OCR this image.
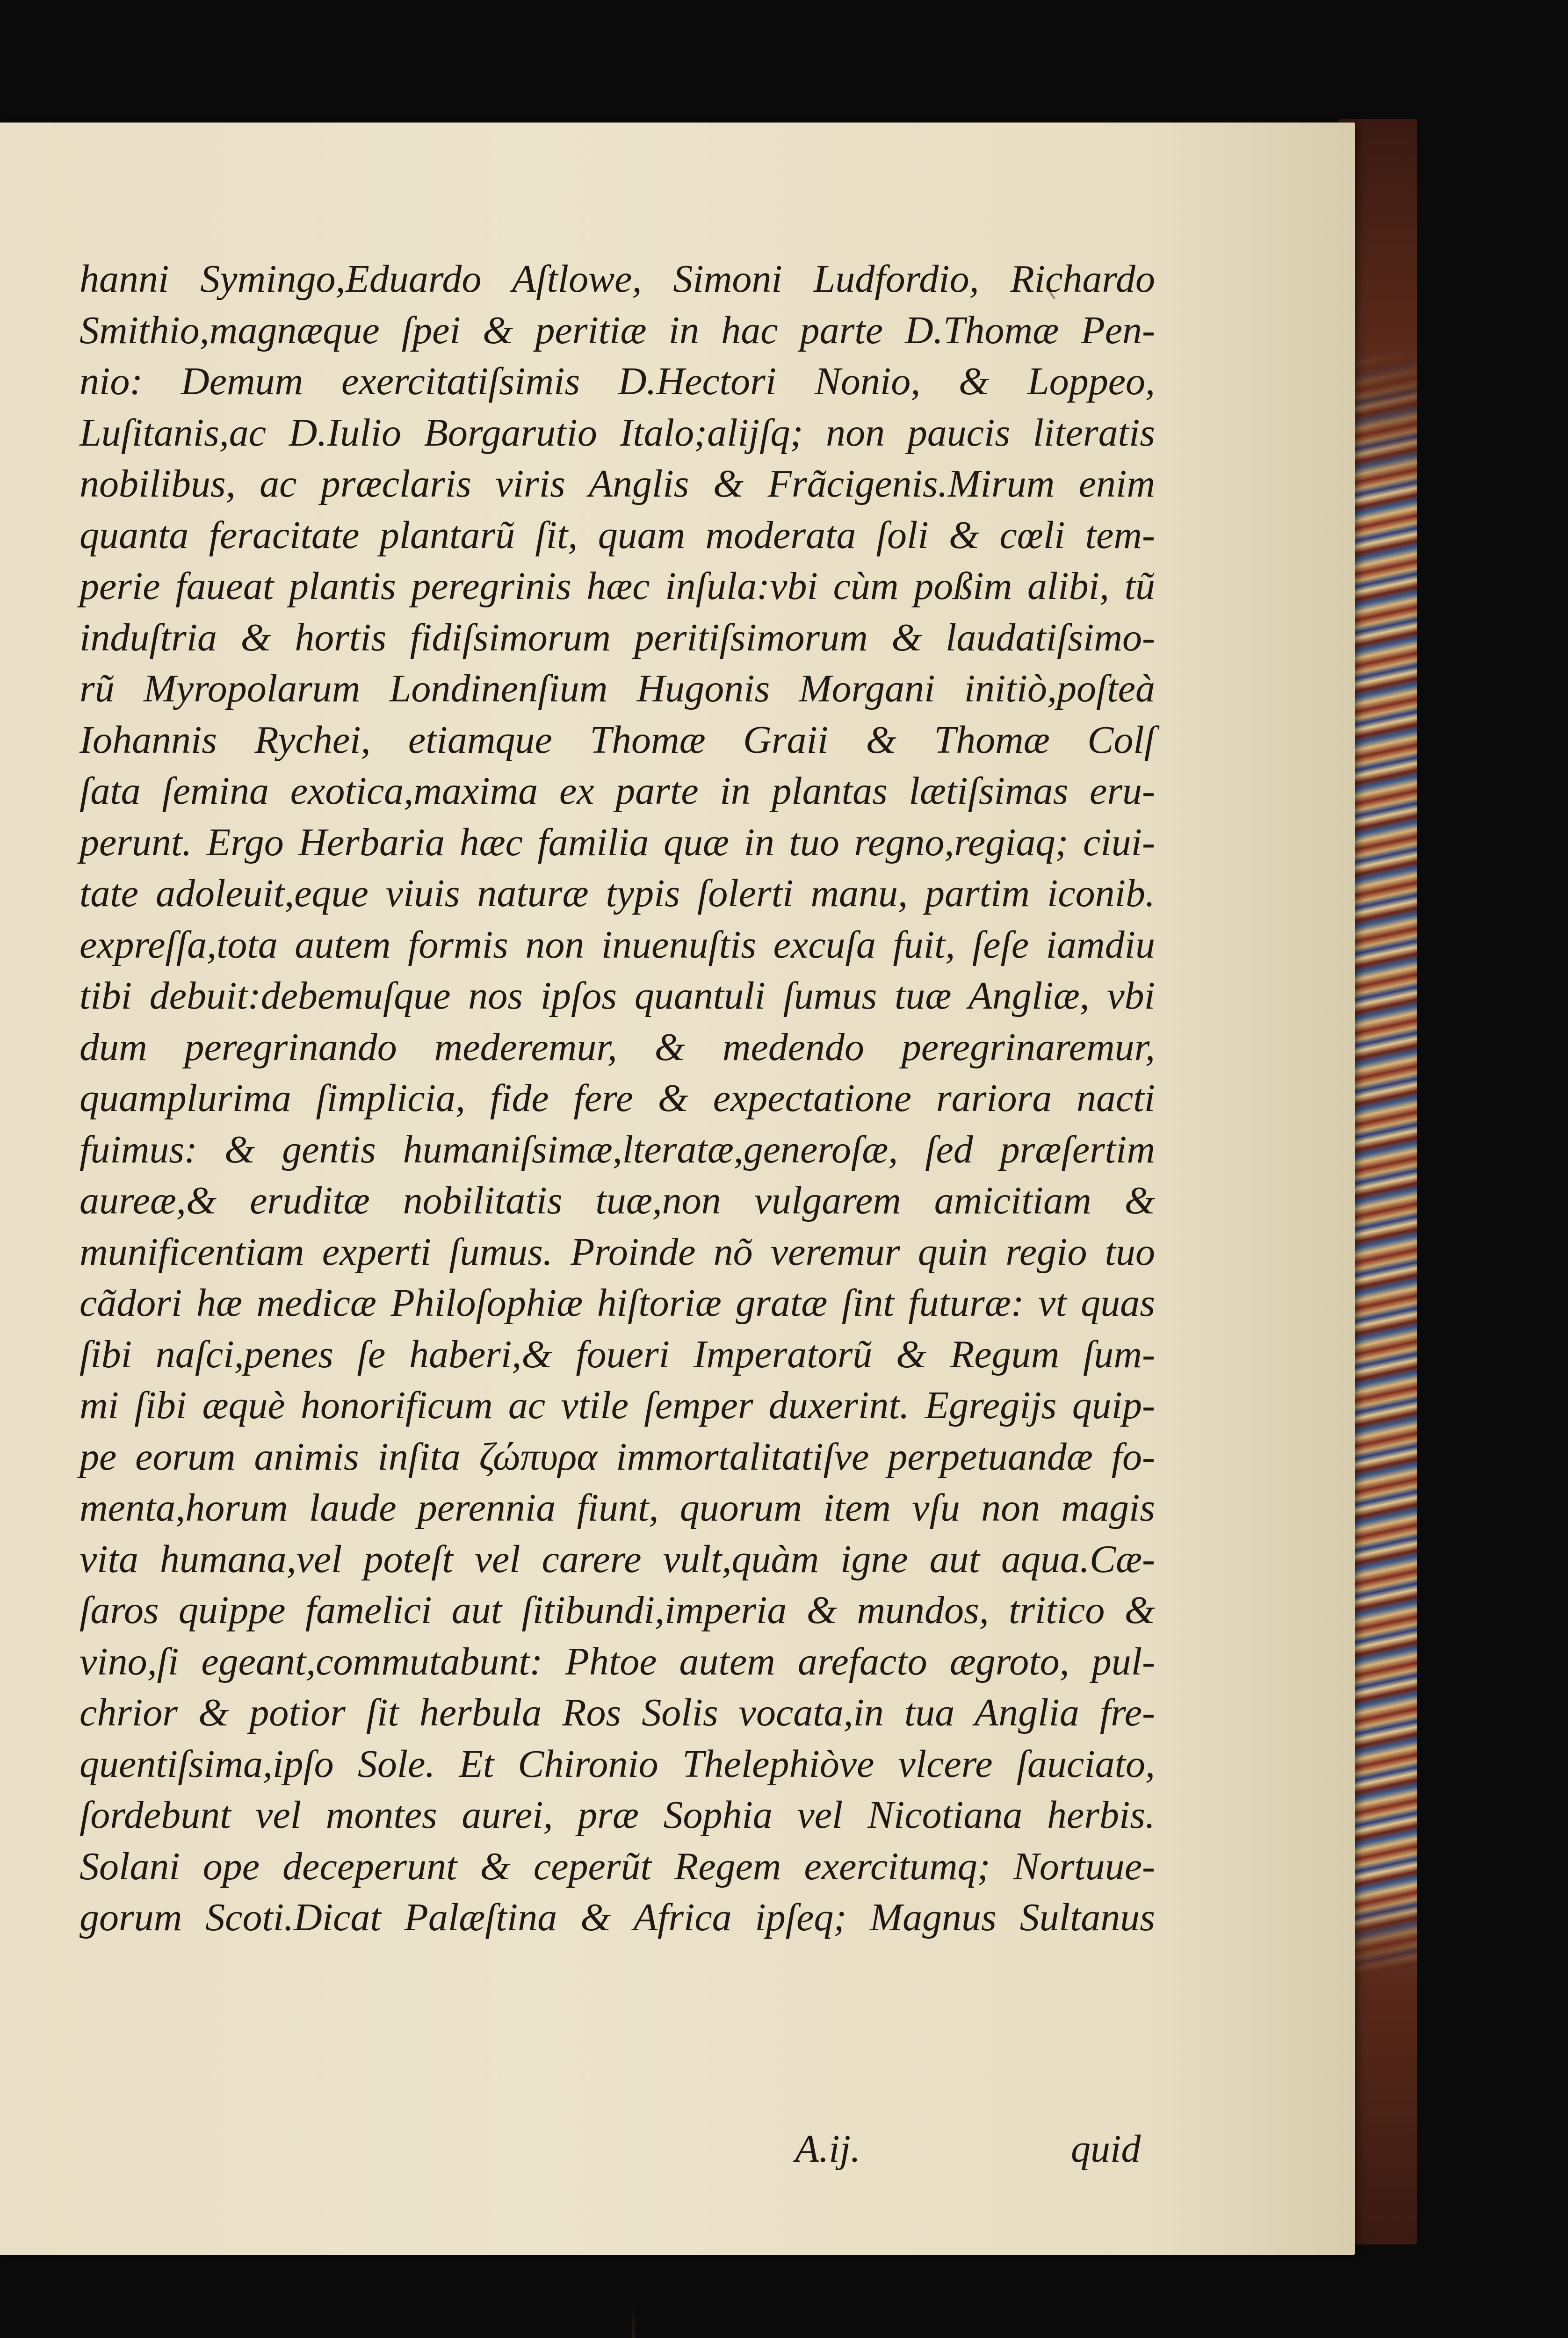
hanni Symingo,Eduardo Aſtlowe, Simoni Ludfordio, Richardo
Smithio,magnæque ſpei & peritiæ in hac parte D.Thomæ Pen-
nio: Demum exercitatiſsimis D.Hectori Nonio, & Loppeo,
Luſitanis,ac D.Iulio Borgarutio Italo;alijſq; non paucis literatis
nobilibus, ac præclaris viris Anglis & Frãcigenis.Mirum enim
quanta feracitate plantarũ ſit, quam moderata ſoli & cœli tem-
perie faueat plantis peregrinis hæc inſula:vbi cùm poßim alibi, tũ
induſtria & hortis fidiſsimorum peritiſsimorum & laudatiſsimo-
rũ Myropolarum Londinenſium Hugonis Morgani initiò,poſteà
Iohannis Rychei, etiamque Thomæ Graii & Thomæ Colſ
ſata ſemina exotica,maxima ex parte in plantas lætiſsimas eru-
perunt. Ergo Herbaria hæc familia quæ in tuo regno,regiaq; ciui-
tate adoleuit,eque viuis naturæ typis ſolerti manu, partim iconib.
expreſſa,tota autem formis non inuenuſtis excuſa fuit, ſeſe iamdiu
tibi debuit:debemuſque nos ipſos quantuli ſumus tuæ Angliæ, vbi
dum peregrinando mederemur, & medendo peregrinaremur,
quamplurima ſimplicia, fide fere & expectatione rariora nacti
fuimus: & gentis humaniſsimæ,lteratæ,generoſæ, ſed præſertim
aureæ,& eruditæ nobilitatis tuæ,non vulgarem amicitiam &
munificentiam experti ſumus. Proinde nõ veremur quin regio tuo
cãdori hæ medicæ Philoſophiæ hiſtoriæ gratæ ſint futuræ: vt quas
ſibi naſci,penes ſe haberi,& foueri Imperatorũ & Regum ſum-
mi ſibi æquè honorificum ac vtile ſemper duxerint. Egregijs quip-
pe eorum animis inſita ζώπυρα immortalitatiſve perpetuandæ fo-
menta,horum laude perennia fiunt, quorum item vſu non magis
vita humana,vel poteſt vel carere vult,quàm igne aut aqua.Cæ-
ſaros quippe famelici aut ſitibundi,imperia & mundos, tritico &
vino,ſi egeant,commutabunt: Phtoe autem arefacto ægroto, pul-
chrior & potior ſit herbula Ros Solis vocata,in tua Anglia fre-
quentiſsima,ipſo Sole. Et Chironio Thelephiòve vlcere ſauciato,
ſordebunt vel montes aurei, præ Sophia vel Nicotiana herbis.
Solani ope deceperunt & ceperũt Regem exercitumq; Nortuue-
gorum Scoti.Dicat Palæſtina & Africa ipſeq; Magnus Sultanus
A.ij.	quid
